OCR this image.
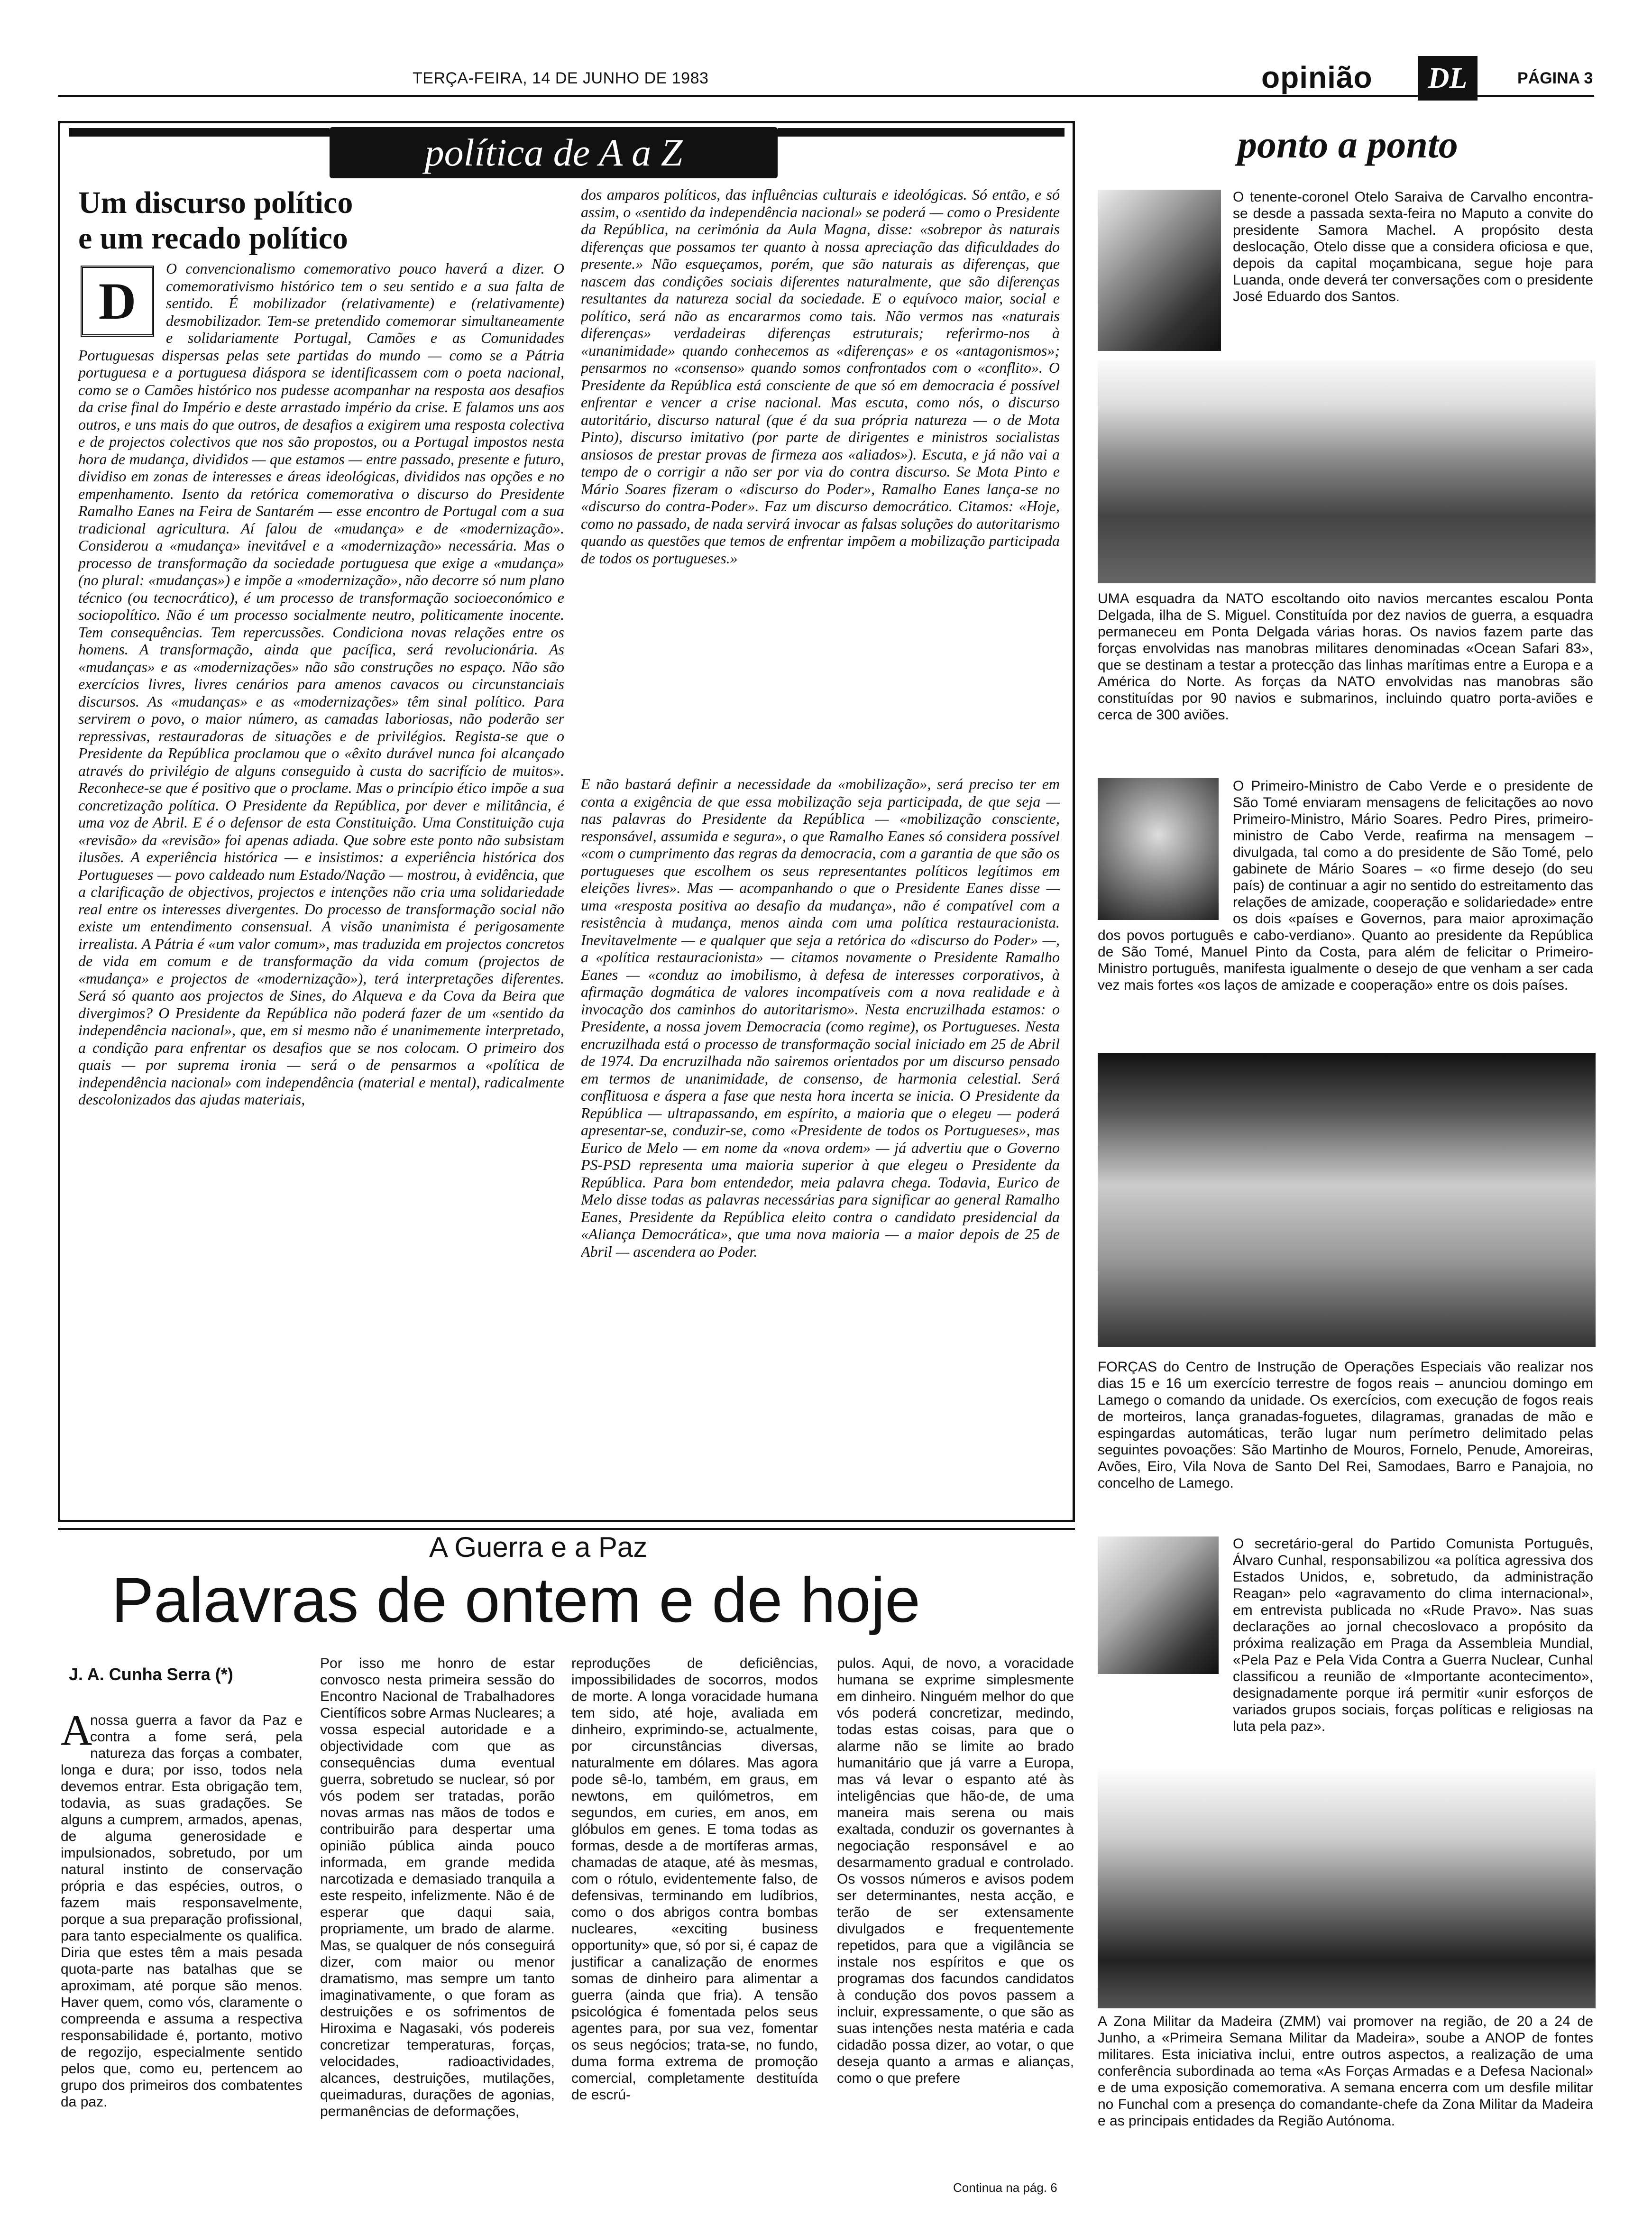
TERÇA-FEIRA, 14 DE JUNHO DE 1983	opinião	DL	PÁGINA 3
política de A a Z
Um discurso político
e um recado político
D
O convencionalismo comemorativo pouco haverá a dizer. O comemorativismo histórico tem o seu sentido e a sua falta de sentido. É mobilizador (relativamente) e (relativamente) desmobilizador. Tem-se pretendido comemorar simultaneamente e solidariamente Portugal, Camões e as Comunidades Portuguesas dispersas pelas sete partidas do mundo — como se a Pátria portuguesa e a portuguesa diáspora se identificassem com o poeta nacional, como se o Camões histórico nos pudesse acompanhar na resposta aos desafios da crise final do Império e deste arrastado império da crise. E falamos uns aos outros, e uns mais do que outros, de desafios a exigirem uma resposta colectiva e de projectos colectivos que nos são propostos, ou a Portugal impostos nesta hora de mudança, divididos — que estamos — entre passado, presente e futuro, dividiso em zonas de interesses e áreas ideológicas, divididos nas opções e no empenhamento. Isento da retórica comemorativa o discurso do Presidente Ramalho Eanes na Feira de Santarém — esse encontro de Portugal com a sua tradicional agricultura. Aí falou de «mudança» e de «modernização». Considerou a «mudança» inevitável e a «modernização» necessária. Mas o processo de transformação da sociedade portuguesa que exige a «mudança» (no plural: «mudanças») e impõe a «modernização», não decorre só num plano técnico (ou tecnocrático), é um processo de transformação socioeconómico e sociopolítico. Não é um processo socialmente neutro, politicamente inocente. Tem consequências. Tem repercussões. Condiciona novas relações entre os homens. A transformação, ainda que pacífica, será revolucionária. As «mudanças» e as «modernizações» não são construções no espaço. Não são exercícios livres, livres cenários para amenos cavacos ou circunstanciais discursos. As «mudanças» e as «modernizações» têm sinal político. Para servirem o povo, o maior número, as camadas laboriosas, não poderão ser repressivas, restauradoras de situações e de privilégios. Regista-se que o Presidente da República proclamou que o «êxito durável nunca foi alcançado através do privilégio de alguns conseguido à custa do sacrifício de muitos». Reconhece-se que é positivo que o proclame. Mas o princípio ético impõe a sua concretização política. O Presidente da República, por dever e militância, é uma voz de Abril. E é o defensor de esta Constituição. Uma Constituição cuja «revisão» da «revisão» foi apenas adiada. Que sobre este ponto não subsistam ilusões. A experiência histórica — e insistimos: a experiência histórica dos Portugueses — povo caldeado num Estado/Nação — mostrou, à evidência, que a clarificação de objectivos, projectos e intenções não cria uma solidariedade real entre os interesses divergentes. Do processo de transformação social não existe um entendimento consensual. A visão unanimista é perigosamente irrealista. A Pátria é «um valor comum», mas traduzida em projectos concretos de vida em comum e de transformação da vida comum (projectos de «mudança» e projectos de «modernização»), terá interpretações diferentes. Será só quanto aos projectos de Sines, do Alqueva e da Cova da Beira que divergimos? O Presidente da República não poderá fazer de um «sentido da independência nacional», que, em si mesmo não é unanimemente interpretado, a condição para enfrentar os desafios que se nos colocam. O primeiro dos quais — por suprema ironia — será o de pensarmos a «política de independência nacional» com independência (material e mental), radicalmente descolonizados das ajudas materiais,
dos amparos políticos, das influências culturais e ideológicas. Só então, e só assim, o «sentido da independência nacional» se poderá — como o Presidente da República, na cerimónia da Aula Magna, disse: «sobrepor às naturais diferenças que possamos ter quanto à nossa apreciação das dificuldades do presente.» Não esqueçamos, porém, que são naturais as diferenças, que nascem das condições sociais diferentes naturalmente, que são diferenças resultantes da natureza social da sociedade. E o equívoco maior, social e político, será não as encararmos como tais. Não vermos nas «naturais diferenças» verdadeiras diferenças estruturais; referirmo-nos à «unanimidade» quando conhecemos as «diferenças» e os «antagonismos»; pensarmos no «consenso» quando somos confrontados com o «conflito». O Presidente da República está consciente de que só em democracia é possível enfrentar e vencer a crise nacional. Mas escuta, como nós, o discurso autoritário, discurso natural (que é da sua própria natureza — o de Mota Pinto), discurso imitativo (por parte de dirigentes e ministros socialistas ansiosos de prestar provas de firmeza aos «aliados»). Escuta, e já não vai a tempo de o corrigir a não ser por via do contra discurso. Se Mota Pinto e Mário Soares fizeram o «discurso do Poder», Ramalho Eanes lança-se no «discurso do contra-Poder». Faz um discurso democrático. Citamos: «Hoje, como no passado, de nada servirá invocar as falsas soluções do autoritarismo quando as questões que temos de enfrentar impõem a mobilização participada de todos os portugueses.»
E não bastará definir a necessidade da «mobilização», será preciso ter em conta a exigência de que essa mobilização seja participada, de que seja — nas palavras do Presidente da República — «mobilização consciente, responsável, assumida e segura», o que Ramalho Eanes só considera possível «com o cumprimento das regras da democracia, com a garantia de que são os portugueses que escolhem os seus representantes políticos legítimos em eleições livres». Mas — acompanhando o que o Presidente Eanes disse — uma «resposta positiva ao desafio da mudança», não é compatível com a resistência à mudança, menos ainda com uma política restauracionista. Inevitavelmente — e qualquer que seja a retórica do «discurso do Poder» —, a «política restauracionista» — citamos novamente o Presidente Ramalho Eanes — «conduz ao imobilismo, à defesa de interesses corporativos, à afirmação dogmática de valores incompatíveis com a nova realidade e à invocação dos caminhos do autoritarismo». Nesta encruzilhada estamos: o Presidente, a nossa jovem Democracia (como regime), os Portugueses. Nesta encruzilhada está o processo de transformação social iniciado em 25 de Abril de 1974. Da encruzilhada não sairemos orientados por um discurso pensado em termos de unanimidade, de consenso, de harmonia celestial. Será conflituosa e áspera a fase que nesta hora incerta se inicia. O Presidente da República — ultrapassando, em espírito, a maioria que o elegeu — poderá apresentar-se, conduzir-se, como «Presidente de todos os Portugueses», mas Eurico de Melo — em nome da «nova ordem» — já advertiu que o Governo PS-PSD representa uma maioria superior à que elegeu o Presidente da República. Para bom entendedor, meia palavra chega. Todavia, Eurico de Melo disse todas as palavras necessárias para significar ao general Ramalho Eanes, Presidente da República eleito contra o candidato presidencial da «Aliança Democrática», que uma nova maioria — a maior depois de 25 de Abril — ascendera ao Poder.
ponto a ponto
O tenente-coronel Otelo Saraiva de Carvalho encontra-se desde a passada sexta-feira no Maputo a convite do presidente Samora Machel. A propósito desta deslocação, Otelo disse que a considera oficiosa e que, depois da capital moçambicana, segue hoje para Luanda, onde deverá ter conversações com o presidente José Eduardo dos Santos.
UMA esquadra da NATO escoltando oito navios mercantes escalou Ponta Delgada, ilha de S. Miguel. Constituída por dez navios de guerra, a esquadra permaneceu em Ponta Delgada várias horas. Os navios fazem parte das forças envolvidas nas manobras militares denominadas «Ocean Safari 83», que se destinam a testar a protecção das linhas marítimas entre a Europa e a América do Norte. As forças da NATO envolvidas nas manobras são constituídas por 90 navios e submarinos, incluindo quatro porta-aviões e cerca de 300 aviões.
O Primeiro-Ministro de Cabo Verde e o presidente de São Tomé enviaram mensagens de felicitações ao novo Primeiro-Ministro, Mário Soares. Pedro Pires, primeiro-ministro de Cabo Verde, reafirma na mensagem – divulgada, tal como a do presidente de São Tomé, pelo gabinete de Mário Soares – «o firme desejo (do seu país) de continuar a agir no sentido do estreitamento das relações de amizade, cooperação e solidariedade» entre os dois «países e Governos, para maior aproximação dos povos português e cabo-verdiano». Quanto ao presidente da República de São Tomé, Manuel Pinto da Costa, para além de felicitar o Primeiro-Ministro português, manifesta igualmente o desejo de que venham a ser cada vez mais fortes «os laços de amizade e cooperação» entre os dois países.
FORÇAS do Centro de Instrução de Operações Especiais vão realizar nos dias 15 e 16 um exercício terrestre de fogos reais – anunciou domingo em Lamego o comando da unidade. Os exercícios, com execução de fogos reais de morteiros, lança granadas-foguetes, dilagramas, granadas de mão e espingardas automáticas, terão lugar num perímetro delimitado pelas seguintes povoações: São Martinho de Mouros, Fornelo, Penude, Amoreiras, Avões, Eiro, Vila Nova de Santo Del Rei, Samodaes, Barro e Panajoia, no concelho de Lamego.
O secretário-geral do Partido Comunista Português, Álvaro Cunhal, responsabilizou «a política agressiva dos Estados Unidos, e, sobretudo, da administração Reagan» pelo «agravamento do clima internacional», em entrevista publicada no «Rude Pravo». Nas suas declarações ao jornal checoslovaco a propósito da próxima realização em Praga da Assembleia Mundial, «Pela Paz e Pela Vida Contra a Guerra Nuclear, Cunhal classificou a reunião de «Importante acontecimento», designadamente porque irá permitir «unir esforços de variados grupos sociais, forças políticas e religiosas na luta pela paz».
A Zona Militar da Madeira (ZMM) vai promover na região, de 20 a 24 de Junho, a «Primeira Semana Militar da Madeira», soube a ANOP de fontes militares. Esta iniciativa inclui, entre outros aspectos, a realização de uma conferência subordinada ao tema «As Forças Armadas e a Defesa Nacional» e de uma exposição comemorativa. A semana encerra com um desfile militar no Funchal com a presença do comandante-chefe da Zona Militar da Madeira e as principais entidades da Região Autónoma.
A Guerra e a Paz
Palavras de ontem e de hoje
J. A. Cunha Serra (*)
A
nossa guerra a favor da Paz e contra a fome será, pela natureza das forças a combater, longa e dura; por isso, todos nela devemos entrar. Esta obrigação tem, todavia, as suas gradações. Se alguns a cumprem, armados, apenas, de alguma generosidade e impulsionados, sobretudo, por um natural instinto de conservação própria e das espécies, outros, o fazem mais responsavelmente, porque a sua preparação profissional, para tanto especialmente os qualifica. Diria que estes têm a mais pesada quota-parte nas batalhas que se aproximam, até porque são menos. Haver quem, como vós, claramente o compreenda e assuma a respectiva responsabilidade é, portanto, motivo de regozijo, especialmente sentido pelos que, como eu, pertencem ao grupo dos primeiros dos combatentes da paz.
Por isso me honro de estar convosco nesta primeira sessão do Encontro Nacional de Trabalhadores Científicos sobre Armas Nucleares; a vossa especial autoridade e a objectividade com que as consequências duma eventual guerra, sobretudo se nuclear, só por vós podem ser tratadas, porão novas armas nas mãos de todos e contribuirão para despertar uma opinião pública ainda pouco informada, em grande medida narcotizada e demasiado tranquila a este respeito, infelizmente. Não é de esperar que daqui saia, propriamente, um brado de alarme. Mas, se qualquer de nós conseguirá dizer, com maior ou menor dramatismo, mas sempre um tanto imaginativamente, o que foram as destruições e os sofrimentos de Hiroxima e Nagasaki, vós podereis concretizar temperaturas, forças, velocidades, radioactividades, alcances, destruições, mutilações, queimaduras, durações de agonias, permanências de deformações,
reproduções de deficiências, impossibilidades de socorros, modos de morte. A longa voracidade humana tem sido, até hoje, avaliada em dinheiro, exprimindo-se, actualmente, por circunstâncias diversas, naturalmente em dólares. Mas agora pode sê-lo, também, em graus, em newtons, em quilómetros, em segundos, em curies, em anos, em glóbulos em genes. E toma todas as formas, desde a de mortíferas armas, chamadas de ataque, até às mesmas, com o rótulo, evidentemente falso, de defensivas, terminando em ludíbrios, como o dos abrigos contra bombas nucleares, «exciting business opportunity» que, só por si, é capaz de justificar a canalização de enormes somas de dinheiro para alimentar a guerra (ainda que fria). A tensão psicológica é fomentada pelos seus agentes para, por sua vez, fomentar os seus negócios; trata-se, no fundo, duma forma extrema de promoção comercial, completamente destituída de escrú-
pulos. Aqui, de novo, a voracidade humana se exprime simplesmente em dinheiro. Ninguém melhor do que vós poderá concretizar, medindo, todas estas coisas, para que o alarme não se limite ao brado humanitário que já varre a Europa, mas vá levar o espanto até às inteligências que hão-de, de uma maneira mais serena ou mais exaltada, conduzir os governantes à negociação responsável e ao desarmamento gradual e controlado. Os vossos números e avisos podem ser determinantes, nesta acção, e terão de ser extensamente divulgados e frequentemente repetidos, para que a vigilância se instale nos espíritos e que os programas dos facundos candidatos à condução dos povos passem a incluir, expressamente, o que são as suas intenções nesta matéria e cada cidadão possa dizer, ao votar, o que deseja quanto a armas e alianças, como o que prefere
Continua na pág. 6
